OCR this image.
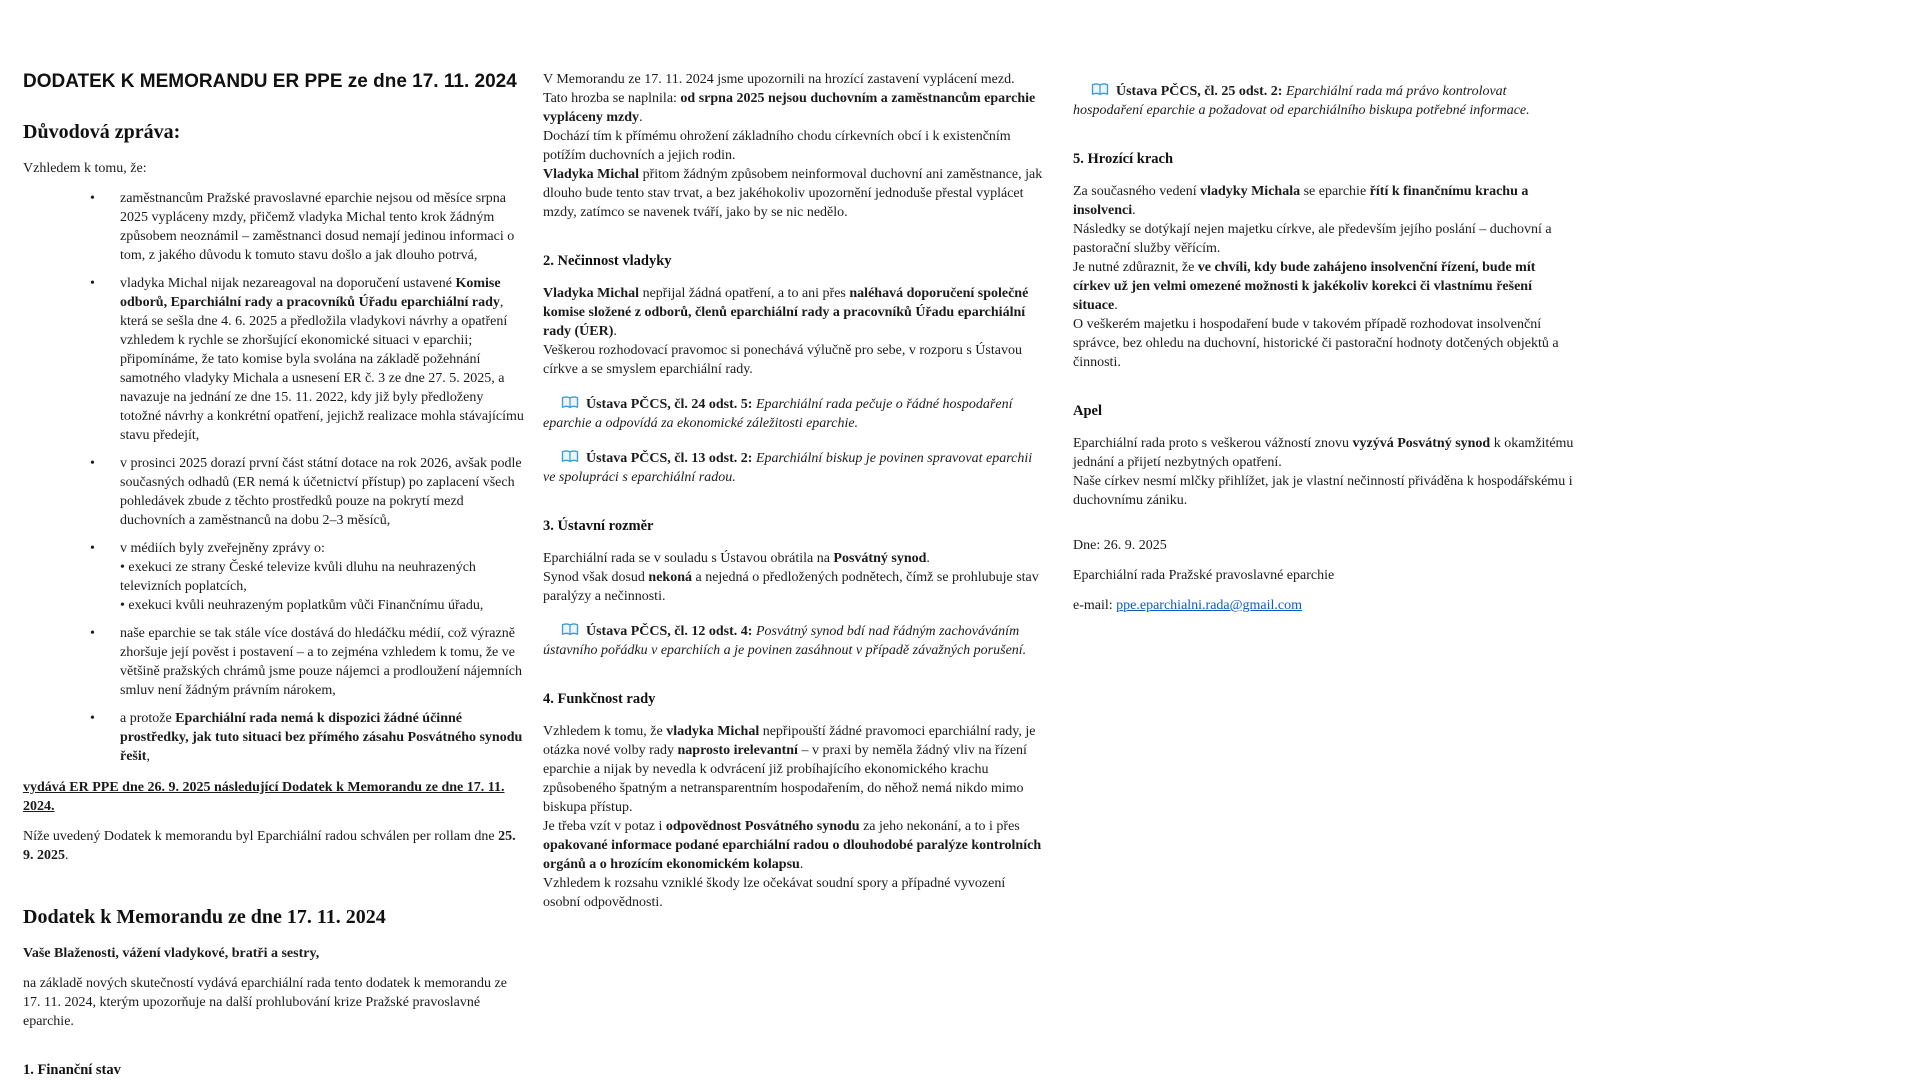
DODATEK K MEMORANDU ER PPE ze dne 17. 11. 2024
Důvodová zpráva:
Vzhledem k tomu, že:
• zaměstnancům Pražské pravoslavné eparchie nejsou od měsíce srpna 2025 vypláceny mzdy, přičemž vladyka Michal tento krok žádným způsobem neoznámil – zaměstnanci dosud nemají jedinou informaci o tom, z jakého důvodu k tomuto stavu došlo a jak dlouho potrvá,
• vladyka Michal nijak nezareagoval na doporučení ustavené Komise odborů, Eparchiální rady a pracovníků Úřadu eparchiální rady, která se sešla dne 4. 6. 2025 a předložila vladykovi návrhy a opatření vzhledem k rychle se zhoršující ekonomické situaci v eparchii; připomínáme, že tato komise byla svolána na základě požehnání samotného vladyky Michala a usnesení ER č. 3 ze dne 27. 5. 2025, a navazuje na jednání ze dne 15. 11. 2022, kdy již byly předloženy totožné návrhy a konkrétní opatření, jejichž realizace mohla stávajícímu stavu předejít,
• v prosinci 2025 dorazí první část státní dotace na rok 2026, avšak podle současných odhadů (ER nemá k účetnictví přístup) po zaplacení všech pohledávek zbude z těchto prostředků pouze na pokrytí mezd duchovních a zaměstnanců na dobu 2–3 měsíců,
• v médiích byly zveřejněny zprávy o:
• exekuci ze strany České televize kvůli dluhu na neuhrazených televizních poplatcích,
• exekuci kvůli neuhrazeným poplatkům vůči Finančnímu úřadu,
• naše eparchie se tak stále více dostává do hledáčku médií, což výrazně zhoršuje její pověst i postavení – a to zejména vzhledem k tomu, že ve většině pražských chrámů jsme pouze nájemci a prodloužení nájemních smluv není žádným právním nárokem,
• a protože Eparchiální rada nemá k dispozici žádné účinné prostředky, jak tuto situaci bez přímého zásahu Posvátného synodu řešit,
vydává ER PPE dne 26. 9. 2025 následující Dodatek k Memorandu ze dne 17. 11. 2024.
Níže uvedený Dodatek k memorandu byl Eparchiální radou schválen per rollam dne 25. 9. 2025.
Dodatek k Memorandu ze dne 17. 11. 2024
Vaše Blaženosti, vážení vladykové, bratři a sestry,
na základě nových skutečností vydává eparchiální rada tento dodatek k memorandu ze 17. 11. 2024, kterým upozorňuje na další prohlubování krize Pražské pravoslavné eparchie.
1. Finanční stav
V Memorandu ze 17. 11. 2024 jsme upozornili na hrozící zastavení vyplácení mezd.
Tato hrozba se naplnila: od srpna 2025 nejsou duchovním a zaměstnancům eparchie vypláceny mzdy.
Dochází tím k přímému ohrožení základního chodu církevních obcí i k existenčním potížím duchovních a jejich rodin.
Vladyka Michal přitom žádným způsobem neinformoval duchovní ani zaměstnance, jak dlouho bude tento stav trvat, a bez jakéhokoliv upozornění jednoduše přestal vyplácet mzdy, zatímco se navenek tváří, jako by se nic nedělo.
2. Nečinnost vladyky
Vladyka Michal nepřijal žádná opatření, a to ani přes naléhavá doporučení společné komise složené z odborů, členů eparchiální rady a pracovníků Úřadu eparchiální rady (ÚER).
Veškerou rozhodovací pravomoc si ponechává výlučně pro sebe, v rozporu s Ústavou církve a se smyslem eparchiální rady.
Ústava PČCS, čl. 24 odst. 5: Eparchiální rada pečuje o řádné hospodaření eparchie a odpovídá za ekonomické záležitosti eparchie.
Ústava PČCS, čl. 13 odst. 2: Eparchiální biskup je povinen spravovat eparchii ve spolupráci s eparchiální radou.
3. Ústavní rozměr
Eparchiální rada se v souladu s Ústavou obrátila na Posvátný synod.
Synod však dosud nekoná a nejedná o předložených podnětech, čímž se prohlubuje stav paralýzy a nečinnosti.
Ústava PČCS, čl. 12 odst. 4: Posvátný synod bdí nad řádným zachováváním ústavního pořádku v eparchiích a je povinen zasáhnout v případě závažných porušení.
4. Funkčnost rady
Vzhledem k tomu, že vladyka Michal nepřipouští žádné pravomoci eparchiální rady, je otázka nové volby rady naprosto irelevantní – v praxi by neměla žádný vliv na řízení eparchie a nijak by nevedla k odvrácení již probíhajícího ekonomického krachu způsobeného špatným a netransparentním hospodařením, do něhož nemá nikdo mimo biskupa přístup.
Je třeba vzít v potaz i odpovědnost Posvátného synodu za jeho nekonání, a to i přes opakované informace podané eparchiální radou o dlouhodobé paralýze kontrolních orgánů a o hrozícím ekonomickém kolapsu.
Vzhledem k rozsahu vzniklé škody lze očekávat soudní spory a případné vyvození osobní odpovědnosti.
Ústava PČCS, čl. 25 odst. 2: Eparchiální rada má právo kontrolovat hospodaření eparchie a požadovat od eparchiálního biskupa potřebné informace.
5. Hrozící krach
Za současného vedení vladyky Michala se eparchie řítí k finančnímu krachu a insolvenci.
Následky se dotýkají nejen majetku církve, ale především jejího poslání – duchovní a pastorační služby věřícím.
Je nutné zdůraznit, že ve chvíli, kdy bude zahájeno insolvenční řízení, bude mít církev už jen velmi omezené možnosti k jakékoliv korekci či vlastnímu řešení situace.
O veškerém majetku i hospodaření bude v takovém případě rozhodovat insolvenční správce, bez ohledu na duchovní, historické či pastorační hodnoty dotčených objektů a činnosti.
Apel
Eparchiální rada proto s veškerou vážností znovu vyzývá Posvátný synod k okamžitému jednání a přijetí nezbytných opatření.
Naše církev nesmí mlčky přihlížet, jak je vlastní nečinností přiváděna k hospodářskému i duchovnímu zániku.
Dne: 26. 9. 2025
Eparchiální rada Pražské pravoslavné eparchie
e-mail: ppe.eparchialni.rada@gmail.com
